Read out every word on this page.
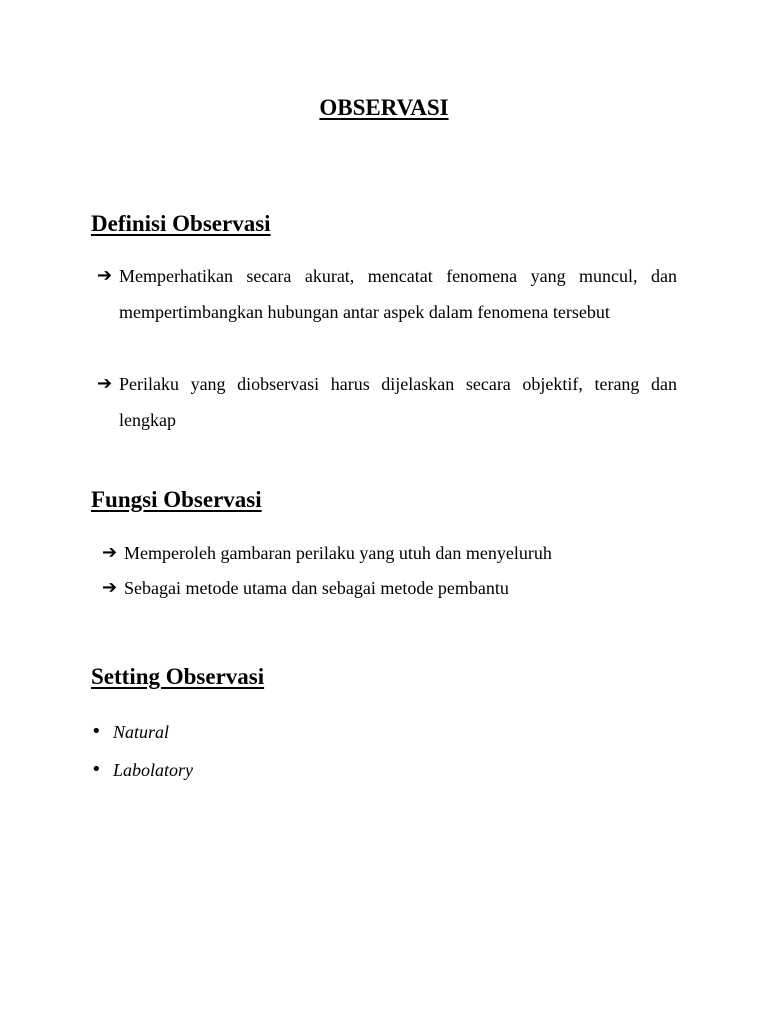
OBSERVASI
Definisi Observasi
➔ Memperhatikan secara akurat, mencatat fenomena yang muncul, dan mempertimbangkan hubungan antar aspek dalam fenomena tersebut
➔ Perilaku yang diobservasi harus dijelaskan secara objektif, terang dan lengkap
Fungsi Observasi
➔ Memperoleh gambaran perilaku yang utuh dan menyeluruh
➔ Sebagai metode utama dan sebagai metode pembantu
Setting Observasi
• Natural
• Labolatory
